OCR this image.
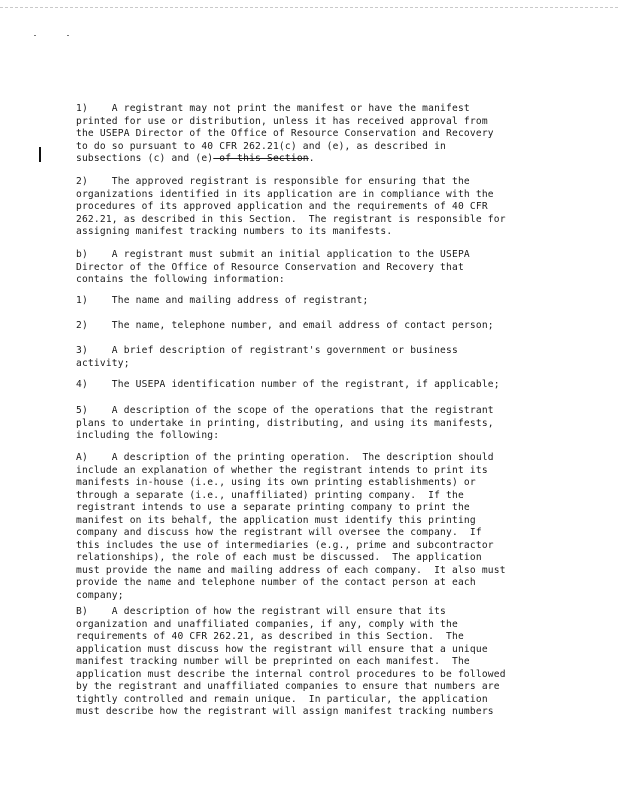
1)    A registrant may not print the manifest or have the manifest
printed for use or distribution, unless it has received approval from
the USEPA Director of the Office of Resource Conservation and Recovery
to do so pursuant to 40 CFR 262.21(c) and (e), as described in
subsections (c) and (e) of this Section.
2)    The approved registrant is responsible for ensuring that the
organizations identified in its application are in compliance with the
procedures of its approved application and the requirements of 40 CFR
262.21, as described in this Section.  The registrant is responsible for
assigning manifest tracking numbers to its manifests.
b)    A registrant must submit an initial application to the USEPA
Director of the Office of Resource Conservation and Recovery that
contains the following information:
1)    The name and mailing address of registrant;
2)    The name, telephone number, and email address of contact person;
3)    A brief description of registrant's government or business
activity;
4)    The USEPA identification number of the registrant, if applicable;
5)    A description of the scope of the operations that the registrant
plans to undertake in printing, distributing, and using its manifests,
including the following:
A)    A description of the printing operation.  The description should
include an explanation of whether the registrant intends to print its
manifests in-house (i.e., using its own printing establishments) or
through a separate (i.e., unaffiliated) printing company.  If the
registrant intends to use a separate printing company to print the
manifest on its behalf, the application must identify this printing
company and discuss how the registrant will oversee the company.  If
this includes the use of intermediaries (e.g., prime and subcontractor
relationships), the role of each must be discussed.  The application
must provide the name and mailing address of each company.  It also must
provide the name and telephone number of the contact person at each
company;
B)    A description of how the registrant will ensure that its
organization and unaffiliated companies, if any, comply with the
requirements of 40 CFR 262.21, as described in this Section.  The
application must discuss how the registrant will ensure that a unique
manifest tracking number will be preprinted on each manifest.  The
application must describe the internal control procedures to be followed
by the registrant and unaffiliated companies to ensure that numbers are
tightly controlled and remain unique.  In particular, the application
must describe how the registrant will assign manifest tracking numbers
